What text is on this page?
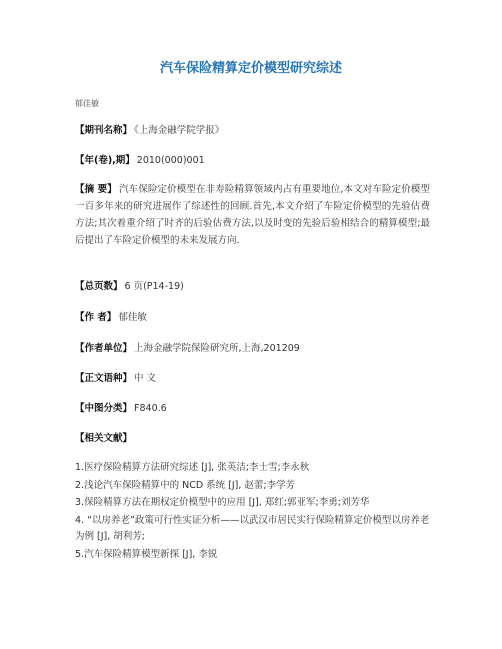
汽车保险精算定价模型研究综述
郁佳敏
【期刊名称】 《上海金融学院学报》
【年(卷),期】 2010(000)001
【摘 要】 汽车保险定价模型在非寿险精算领域内占有重要地位,本文对车险定价模型一百多年来的研究进展作了综述性的回顾.首先,本文介绍了车险定价模型的先验估费方法;其次着重介绍了时齐的后验估费方法,以及时变的先验后验相结合的精算模型;最后提出了车险定价模型的未来发展方向.
【总页数】 6 页(P14-19)
【作 者】 郁佳敏
【作者单位】 上海金融学院保险研究所,上海,201209
【正文语种】 中 文
【中图分类】 F840.6
【相关文献】
1.医疗保险精算方法研究综述 [J], 张英洁;李士雪;李永秋
2.浅论汽车保险精算中的 NCD 系统 [J], 赵蕾;李学芳
3.保险精算方法在期权定价模型中的应用 [J], 郑红;郭亚军;李勇;刘芳华
4. “以房养老”政策可行性实证分析——以武汉市居民实行保险精算定价模型以房养老为例 [J], 胡利芳;
5.汽车保险精算模型新探 [J], 李锐
